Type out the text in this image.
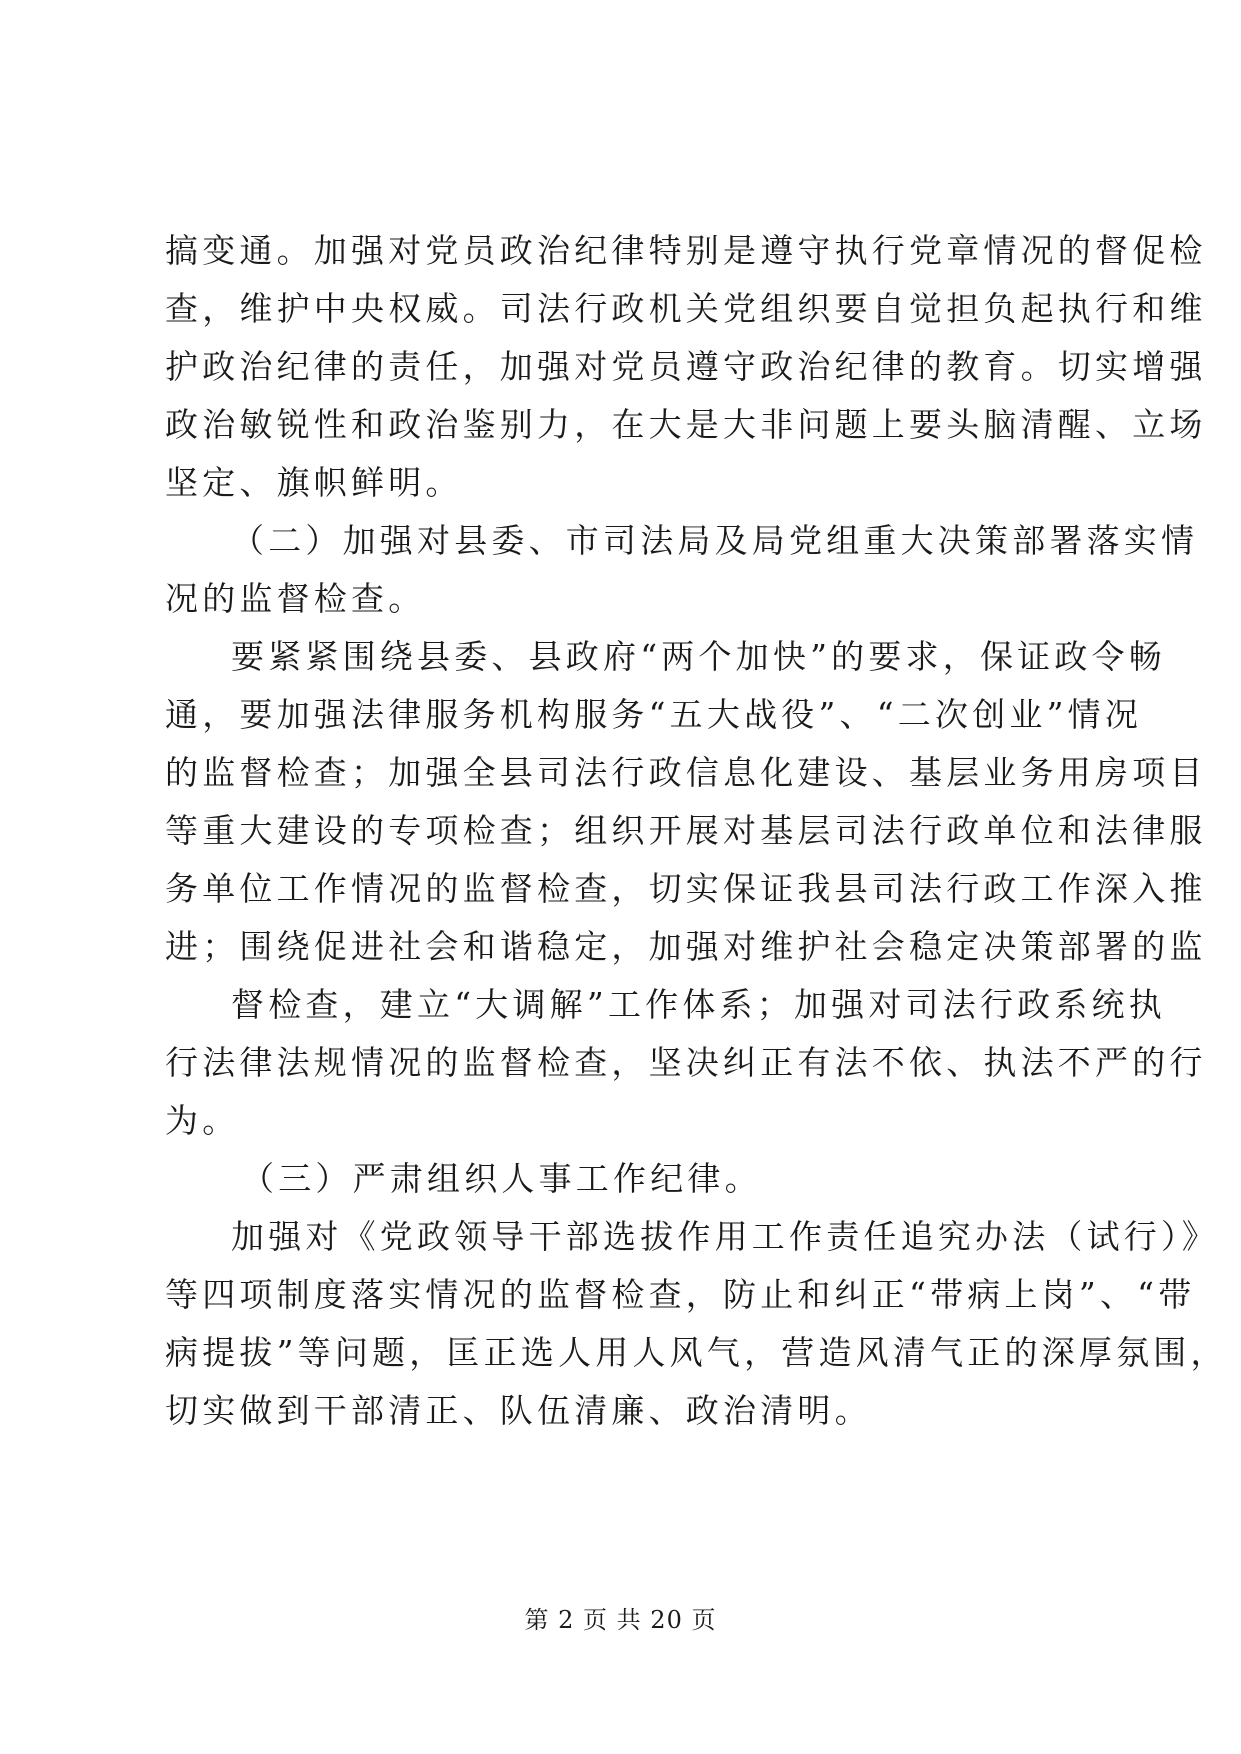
搞变通。加强对党员政治纪律特别是遵守执行党章情况的督促检
查，维护中央权威。司法行政机关党组织要自觉担负起执行和维
护政治纪律的责任，加强对党员遵守政治纪律的教育。切实增强
政治敏锐性和政治鉴别力，在大是大非问题上要头脑清醒、立场
坚定、旗帜鲜明。
（二）加强对县委、市司法局及局党组重大决策部署落实情
况的监督检查。
要紧紧围绕县委、县政府“两个加快”的要求，保证政令畅
通，要加强法律服务机构服务“五大战役”、“二次创业”情况
的监督检查；加强全县司法行政信息化建设、基层业务用房项目
等重大建设的专项检查；组织开展对基层司法行政单位和法律服
务单位工作情况的监督检查，切实保证我县司法行政工作深入推
进；围绕促进社会和谐稳定，加强对维护社会稳定决策部署的监
督检查，建立“大调解”工作体系；加强对司法行政系统执
行法律法规情况的监督检查，坚决纠正有法不依、执法不严的行
为。
（三）严肃组织人事工作纪律。
加强对《党政领导干部选拔作用工作责任追究办法（试行）》
等四项制度落实情况的监督检查，防止和纠正“带病上岗”、“带
病提拔”等问题，匡正选人用人风气，营造风清气正的深厚氛围，
切实做到干部清正、队伍清廉、政治清明。
第 2 页 共 20 页
